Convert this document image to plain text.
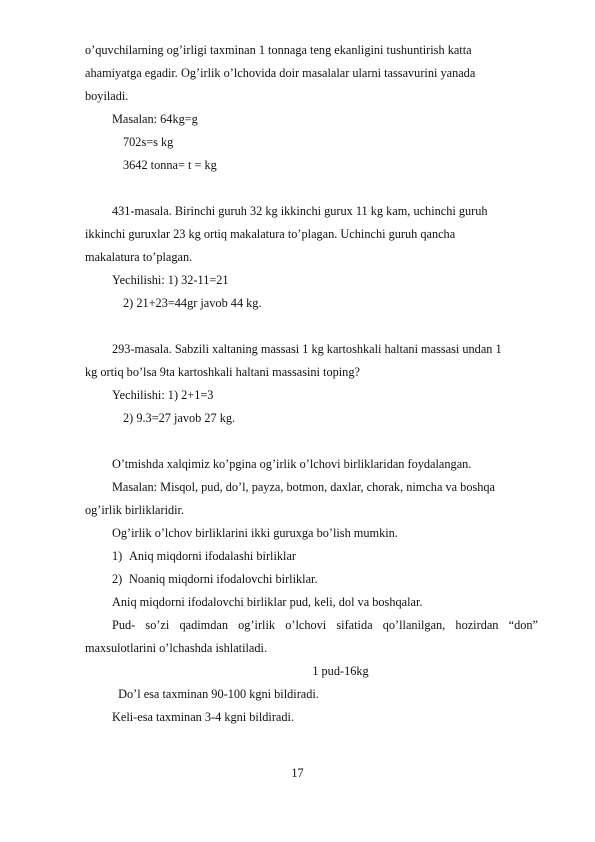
o’quvchilarning og’irligi taxminan 1 tonnaga teng ekanligini tushuntirish katta
ahamiyatga egadir. Og’irlik o’lchovida doir masalalar ularni tassavurini yanada
boyiladi.
Masalan: 64kg=g
702s=s kg
3642 tonna= t = kg
431-masala. Birinchi guruh 32 kg ikkinchi gurux 11 kg kam, uchinchi guruh
ikkinchi guruxlar 23 kg ortiq makalatura to’plagan. Uchinchi guruh qancha
makalatura to’plagan.
Yechilishi: 1) 32-11=21
2) 21+23=44gr javob 44 kg.
293-masala. Sabzili xaltaning massasi 1 kg kartoshkali haltani massasi undan 1
kg ortiq bo’lsa 9ta kartoshkali haltani massasini toping?
Yechilishi: 1) 2+1=3
2) 9.3=27 javob 27 kg.
O’tmishda xalqimiz ko’pgina og’irlik o’lchovi birliklaridan foydalangan.
Masalan: Misqol, pud, do’l, payza, botmon, daxlar, chorak, nimcha va boshqa
og’irlik birliklaridir.
Og’irlik o’lchov birliklarini ikki guruxga bo’lish mumkin.
1) Aniq miqdorni ifodalashi birliklar
2) Noaniq miqdorni ifodalovchi birliklar.
Aniq miqdorni ifodalovchi birliklar pud, keli, dol va boshqalar.
Pud- so’zi qadimdan og’irlik o’lchovi sifatida qo’llanilgan, hozirdan “don”
maxsulotlarini o’lchashda ishlatiladi.
1 pud-16kg
Do’l esa taxminan 90-100 kgni bildiradi.
Keli-esa taxminan 3-4 kgni bildiradi.
17
